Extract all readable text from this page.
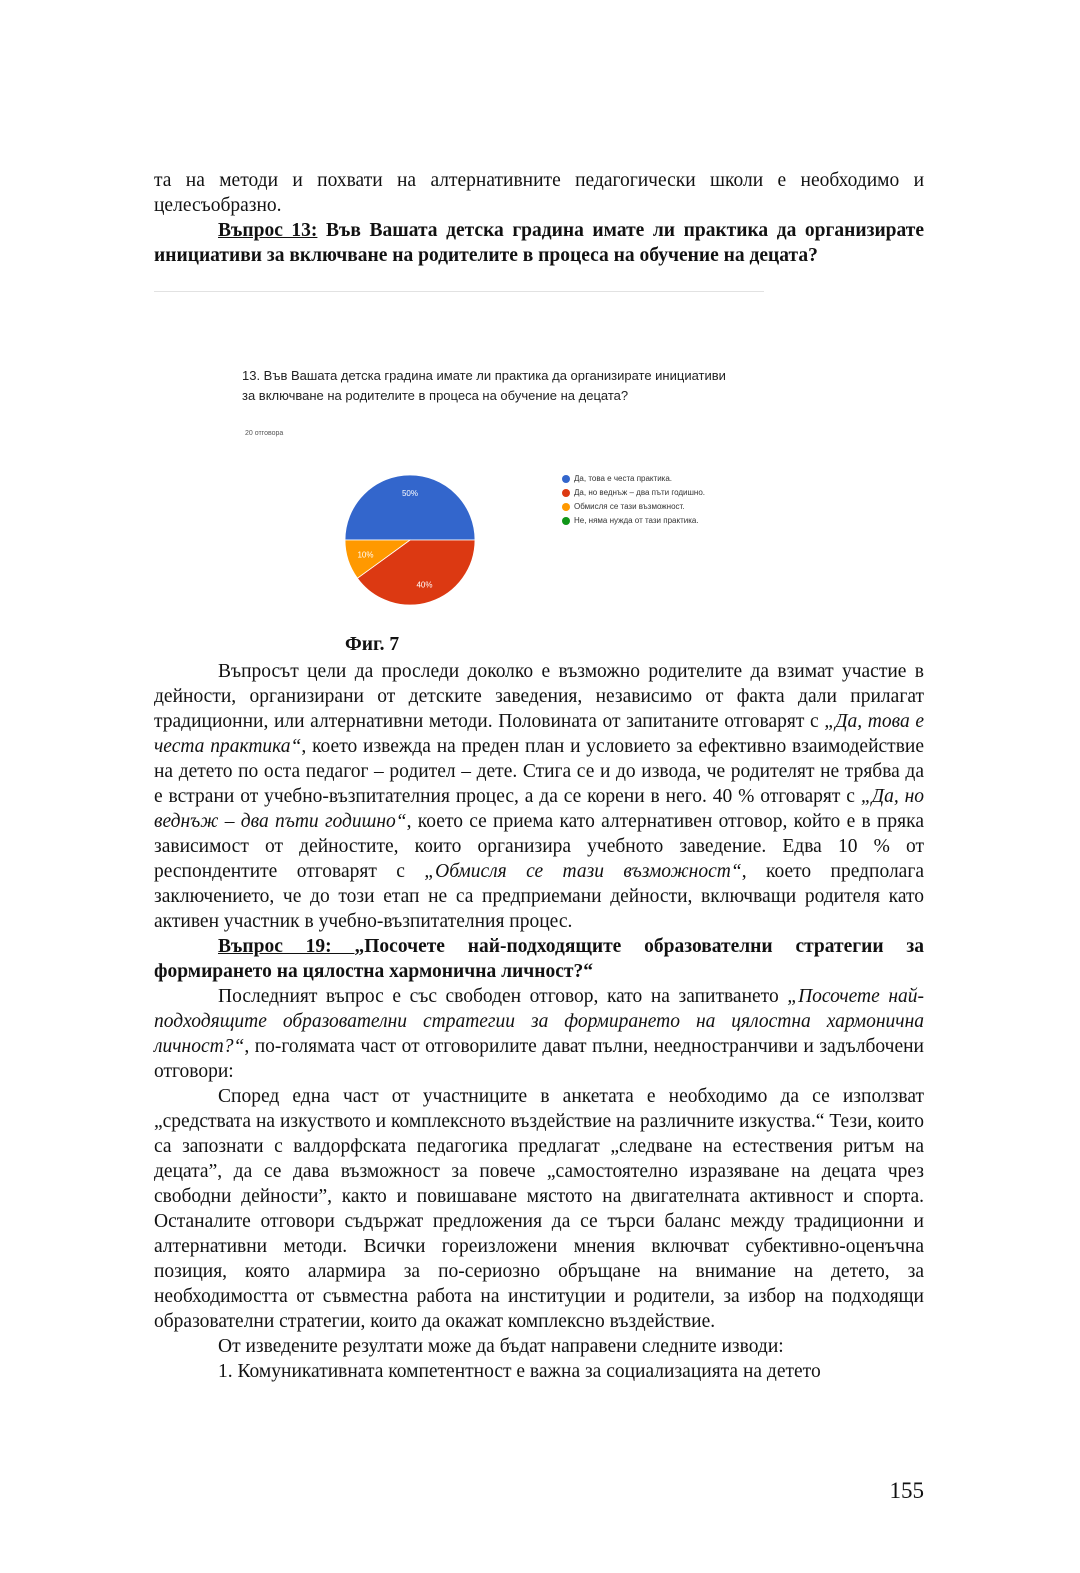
та на методи и похвати на алтернативните педагогически школи е необходимо и целесъобразно.

Въпрос 13: Във Вашата детска градина имате ли практика да организирате инициативи за включване на родителите в процеса на обучение на децата?

13. Във Вашата детска градина имате ли практика да организирате инициативи за включване на родителите в процеса на обучение на децата?
20 отговора
50%
40%
10%
Да, това е честа практика.
Да, но веднъж – два пъти годишно.
Обмисля се тази възможност.
Не, няма нужда от тази практика.
Фиг. 7

Въпросът цели да проследи доколко е възможно родителите да взимат участие в дейности, организирани от детските заведения, независимо от факта дали прилагат традиционни, или алтернативни методи. Половината от запитаните отговарят с „Да, това е честа практика“, което извежда на преден план и условието за ефективно взаимодействие на детето по оста педагог – родител – дете. Стига се и до извода, че родителят не трябва да е встрани от учебно-възпитателния процес, а да се корени в него. 40 % отговарят с „Да, но веднъж – два пъти годишно“, което се приема като алтернативен отговор, който е в пряка зависимост от дейностите, които организира учебното заведение. Едва 10 % от респондентите отговарят с „Обмисля се тази възможност“, което предполага заключението, че до този етап не са предприемани дейности, включващи родителя като активен участник в учебно-възпитателния процес.

Въпрос 19: „Посочете най-подходящите образователни стратегии за формирането на цялостна хармонична личност?“

Последният въпрос е със свободен отговор, като на запитването „Посочете най-подходящите образователни стратегии за формирането на цялостна хармонична личност?“, по-голямата част от отговорилите дават пълни, неедностранчиви и задълбочени отговори:

Според една част от участниците в анкетата е необходимо да се използват „средствата на изкуството и комплексното въздействие на различните изкуства.“ Тези, които са запознати с валдорфската педагогика предлагат „следване на естествения ритъм на децата”, да се дава възможност за повече „самостоятелно изразяване на децата чрез свободни дейности”, както и повишаване мястото на двигателната активност и спорта. Останалите отговори съдържат предложения да се търси баланс между традиционни и алтернативни методи. Всички гореизложени мнения включват субективно-оценъчна позиция, която алармира за по-сериозно обръщане на внимание на детето, за необходимостта от съвместна работа на институции и родители, за избор на подходящи образователни стратегии, които да окажат комплексно въздействие.

От изведените резултати може да бъдат направени следните изводи:

1. Комуникативната компетентност е важна за социализацията на детето

155
